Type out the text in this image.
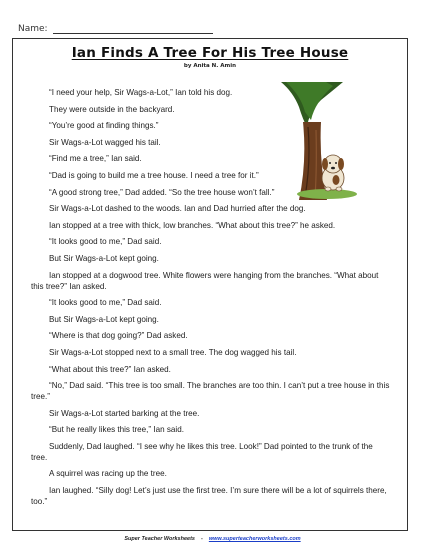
Name:
Ian Finds A Tree For His Tree House
by Anita N. Amin

“I need your help, Sir Wags-a-Lot,” Ian told his dog.

They were outside in the backyard.

“You’re good at finding things.”

Sir Wags-a-Lot wagged his tail.

“Find me a tree,” Ian said.

“Dad is going to build me a tree house. I need a tree for it.”

“A good strong tree,” Dad added. “So the tree house won’t fall.”

Sir Wags-a-Lot dashed to the woods. Ian and Dad hurried after the dog.

Ian stopped at a tree with thick, low branches. “What about this tree?” he asked.

“It looks good to me,” Dad said.

But Sir Wags-a-Lot kept going.

Ian stopped at a dogwood tree. White flowers were hanging from the branches. “What about this tree?” Ian asked.

“It looks good to me,” Dad said.

But Sir Wags-a-Lot kept going.

“Where is that dog going?” Dad asked.

Sir Wags-a-Lot stopped next to a small tree. The dog wagged his tail.

“What about this tree?” Ian asked.

“No,” Dad said. “This tree is too small. The branches are too thin. I can’t put a tree house in this tree.”

Sir Wags-a-Lot started barking at the tree.

“But he really likes this tree,” Ian said.

Suddenly, Dad laughed. “I see why he likes this tree. Look!” Dad pointed to the trunk of the tree.

A squirrel was racing up the tree.

Ian laughed. “Silly dog! Let’s just use the first tree. I’m sure there will be a lot of squirrels there, too.”

Super Teacher Worksheets - www.superteacherworksheets.com
